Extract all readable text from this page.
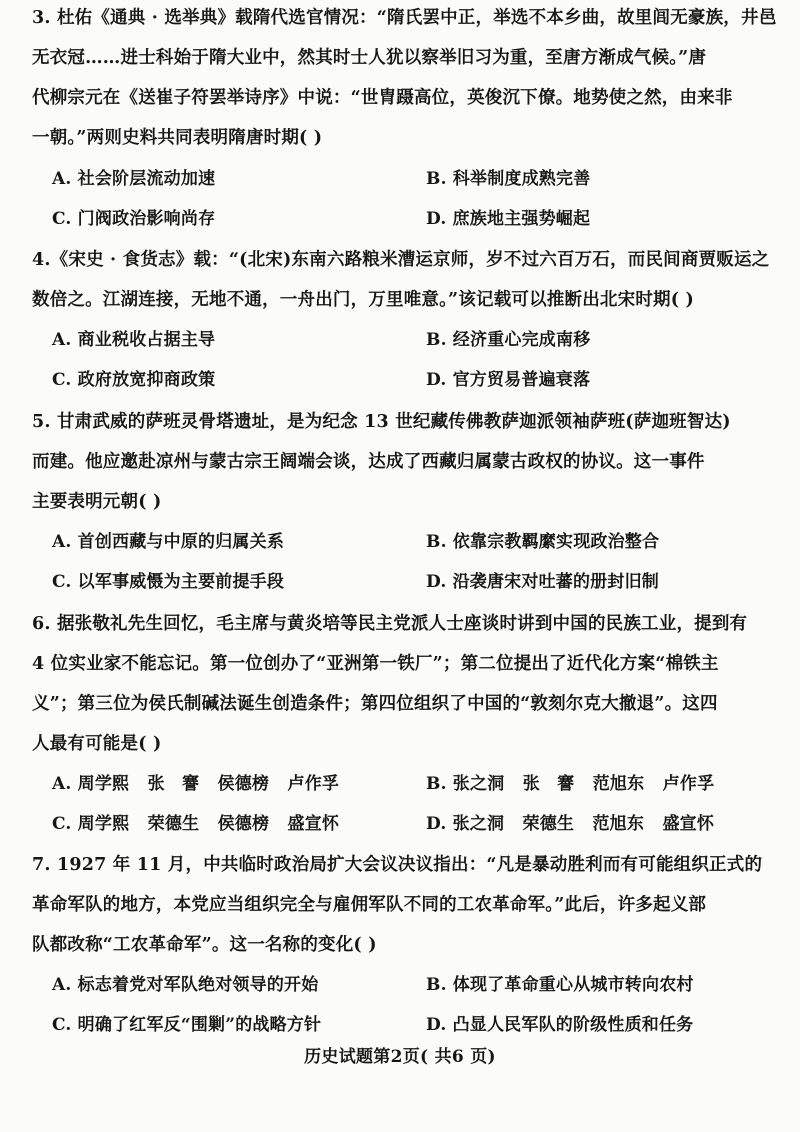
3. 杜佑《通典 · 选举典》载隋代选官情况：“隋氏罢中正，举选不本乡曲，故里闾无豪族，井邑
无衣冠……进士科始于隋大业中，然其时士人犹以察举旧习为重，至唐方渐成气候。”唐
代柳宗元在《送崔子符罢举诗序》中说：“世胄蹑高位，英俊沉下僚。地势使之然，由来非
一朝。”两则史料共同表明隋唐时期( )
A. 社会阶层流动加速	B. 科举制度成熟完善
C. 门阀政治影响尚存	D. 庶族地主强势崛起
4.《宋史 · 食货志》载：“(北宋)东南六路粮米漕运京师，岁不过六百万石，而民间商贾贩运之
数倍之。江湖连接，无地不通，一舟出门，万里唯意。”该记载可以推断出北宋时期( )
A. 商业税收占据主导	B. 经济重心完成南移
C. 政府放宽抑商政策	D. 官方贸易普遍衰落
5. 甘肃武威的萨班灵骨塔遗址，是为纪念 13 世纪藏传佛教萨迦派领袖萨班(萨迦班智达)
而建。他应邀赴凉州与蒙古宗王阔端会谈，达成了西藏归属蒙古政权的协议。这一事件
主要表明元朝( )
A. 首创西藏与中原的归属关系	B. 依靠宗教羁縻实现政治整合
C. 以军事威慑为主要前提手段	D. 沿袭唐宋对吐蕃的册封旧制
6. 据张敬礼先生回忆，毛主席与黄炎培等民主党派人士座谈时讲到中国的民族工业，提到有
4 位实业家不能忘记。第一位创办了“亚洲第一铁厂”；第二位提出了近代化方案“棉铁主
义”；第三位为侯氏制碱法诞生创造条件；第四位组织了中国的“敦刻尔克大撤退”。这四
人最有可能是( )
A. 周学熙   张　謇   侯德榜   卢作孚	B. 张之洞   张　謇   范旭东   卢作孚
C. 周学熙   荣德生   侯德榜   盛宣怀	D. 张之洞   荣德生   范旭东   盛宣怀
7. 1927 年 11 月，中共临时政治局扩大会议决议指出：“凡是暴动胜利而有可能组织正式的
革命军队的地方，本党应当组织完全与雇佣军队不同的工农革命军。”此后，许多起义部
队都改称“工农革命军”。这一名称的变化( )
A. 标志着党对军队绝对领导的开始	B. 体现了革命重心从城市转向农村
C. 明确了红军反“围剿”的战略方针	D. 凸显人民军队的阶级性质和任务
历史试题第2页( 共6 页)
